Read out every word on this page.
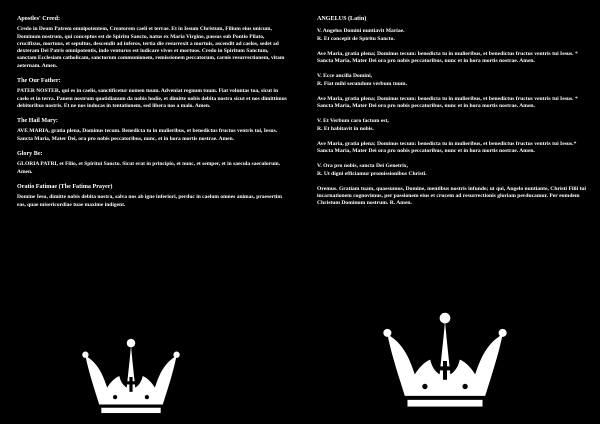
Apostles' Creed:

Credo in Deum Patrem omnipotentem, Creatorem caeli et terrae. Et in Iesum Christum, Filium eius unicum, Dominum nostrum, qui conceptus est de Spiritu Sancto, natus ex Maria Virgine, passus sub Pontio Pilato, crucifixus, mortuus, et sepultus, descendit ad inferos, tertia die resurrexit a mortuis, ascendit ad caelos, sedet ad dexteram Dei Patris omnipotentis, inde venturus est iudicare vivos et mortuos. Credo in Spiritum Sanctum, sanctam Ecclesiam catholicam, sanctorum communionem, remissionem peccatorum, carnis resurrectionem, vitam aeternam. Amen.

The Our Father:

PATER NOSTER, qui es in caelis, sanctificetur nomen tuum. Adveniat regnum tuum. Fiat voluntas tua, sicut in caelo et in terra. Panem nostrum quotidianum da nobis hodie, et dimitte nobis debita nostra sicut et nos dimittimus debitoribus nostris. Et ne nos inducas in tentationem, sed libera nos a malo. Amen.

The Hail Mary:

AVE MARIA, gratia plena, Dominus tecum. Benedicta tu in mulieribus, et benedictus fructus ventris tui, Iesus. Sancta Maria, Mater Dei, ora pro nobis peccatoribus, nunc, et in hora mortis nostrae. Amen.

Glory Be:

GLORIA PATRI, et Filio, et Spiritui Sancto. Sicut erat in principio, et nunc, et semper, et in saecula saeculorum. Amen.

Oratio Fatimae (The Fatima Prayer)

Domine Iesu, dimitte nobis debita nostra, salva nos ab igne inferiori, perduc in caelum omnes animas, praesertim eas, quae misericordiae tuae maxime indigent.

ANGELUS (Latin)

V. Angelus Domini nuntiavit Mariae.

R. Et concepit de Spiritu Sancto.

Ave Maria, gratia plena; Dominus tecum: benedicta tu in mulieribus, et benedictus fructus ventris tui Iesus. * Sancta Maria, Mater Dei ora pro nobis peccatoribus, nunc et in hora mortis nostrae. Amen.

V. Ecce ancilla Domini,

R. Fiat mihi secundum verbum tuum.

Ave Maria, gratia plena; Dominus tecum: benedicta tu in mulieribus, et benedictus fructus ventris tui Iesus. * Sancta Maria, Mater Dei ora pro nobis peccatoribus, nunc et in hora mortis nostrae. Amen.

V. Et Verbum caro factum est,

R. Et habitavit in nobis.

Ave Maria, gratia plena; Dominus tecum: benedicta tu in mulieribus, et benedictus fructus ventris tui Iesus.* Sancta Maria, Mater Dei ora pro nobis peccatoribus, nunc et in hora mortis nostrae. Amen.

V. Ora pro nobis, sancta Dei Genetrix,

R. Ut digni efficiamur promissionibus Christi.

Oremus. Gratiam tuam, quaesumus, Domine, mentibus nostris infunde; ut qui, Angelo nuntiante, Christi Filii tui incarnationem cognovimus, per passionem eius et crucem ad resurrectionis gloriam perducamur. Per eumdem Christum Dominum nostrum. R. Amen.
